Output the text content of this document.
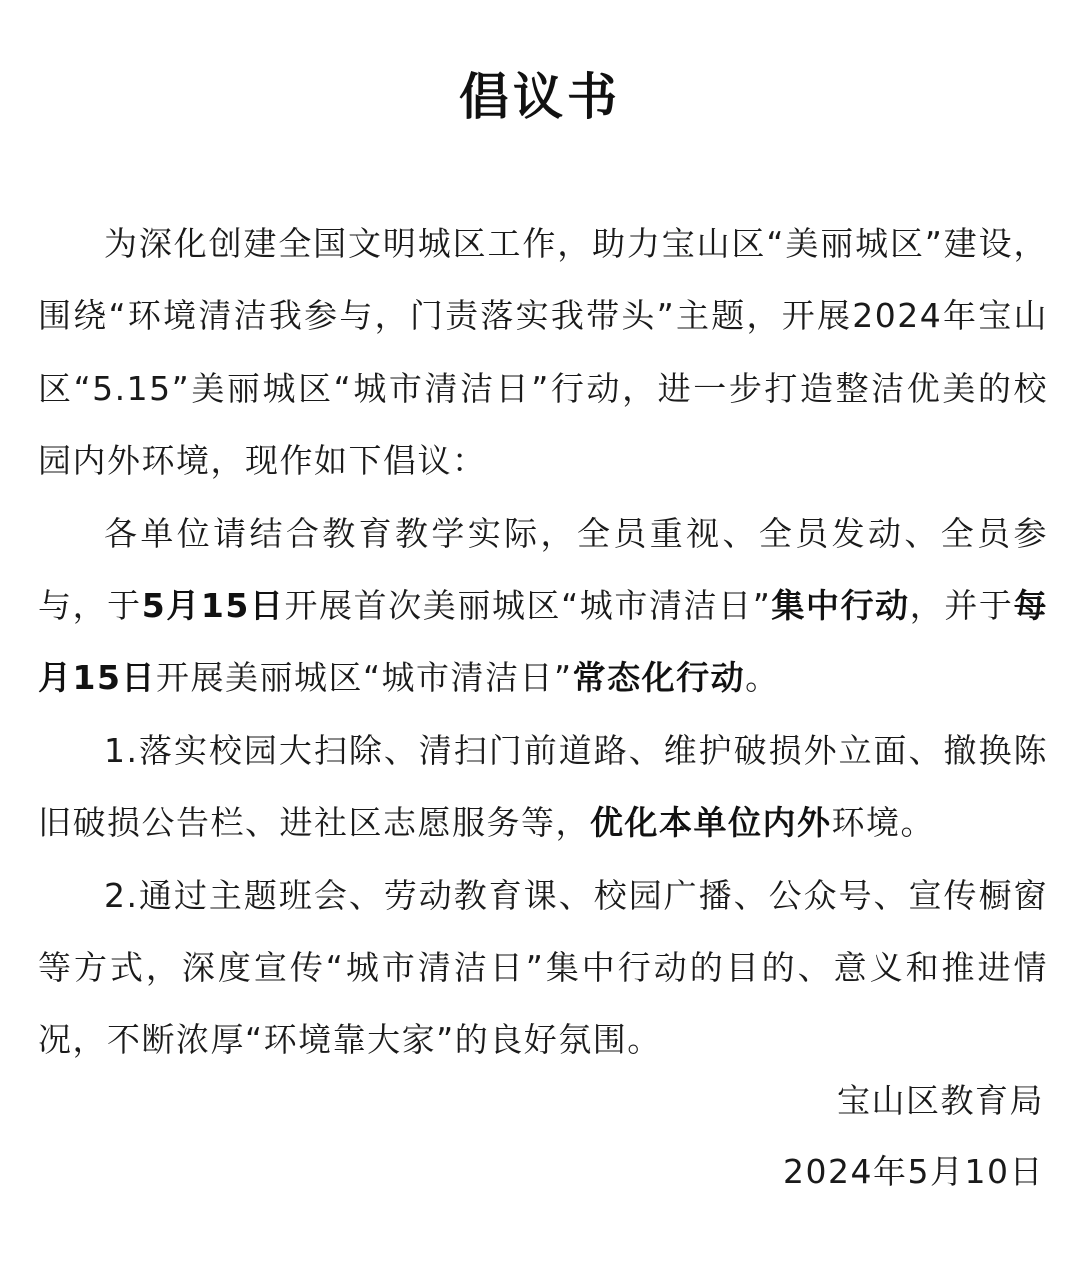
倡议书

为深化创建全国文明城区工作，助力宝山区“美丽城区”建设，围绕“环境清洁我参与，门责落实我带头”主题，开展2024年宝山区“5.15”美丽城区“城市清洁日”行动，进一步打造整洁优美的校园内外环境，现作如下倡议：

各单位请结合教育教学实际，全员重视、全员发动、全员参与，于5月15日开展首次美丽城区“城市清洁日”集中行动，并于每月15日开展美丽城区“城市清洁日”常态化行动。

1.落实校园大扫除、清扫门前道路、维护破损外立面、撤换陈旧破损公告栏、进社区志愿服务等，优化本单位内外环境。

2.通过主题班会、劳动教育课、校园广播、公众号、宣传橱窗等方式，深度宣传“城市清洁日”集中行动的目的、意义和推进情况，不断浓厚“环境靠大家”的良好氛围。

宝山区教育局
2024年5月10日
